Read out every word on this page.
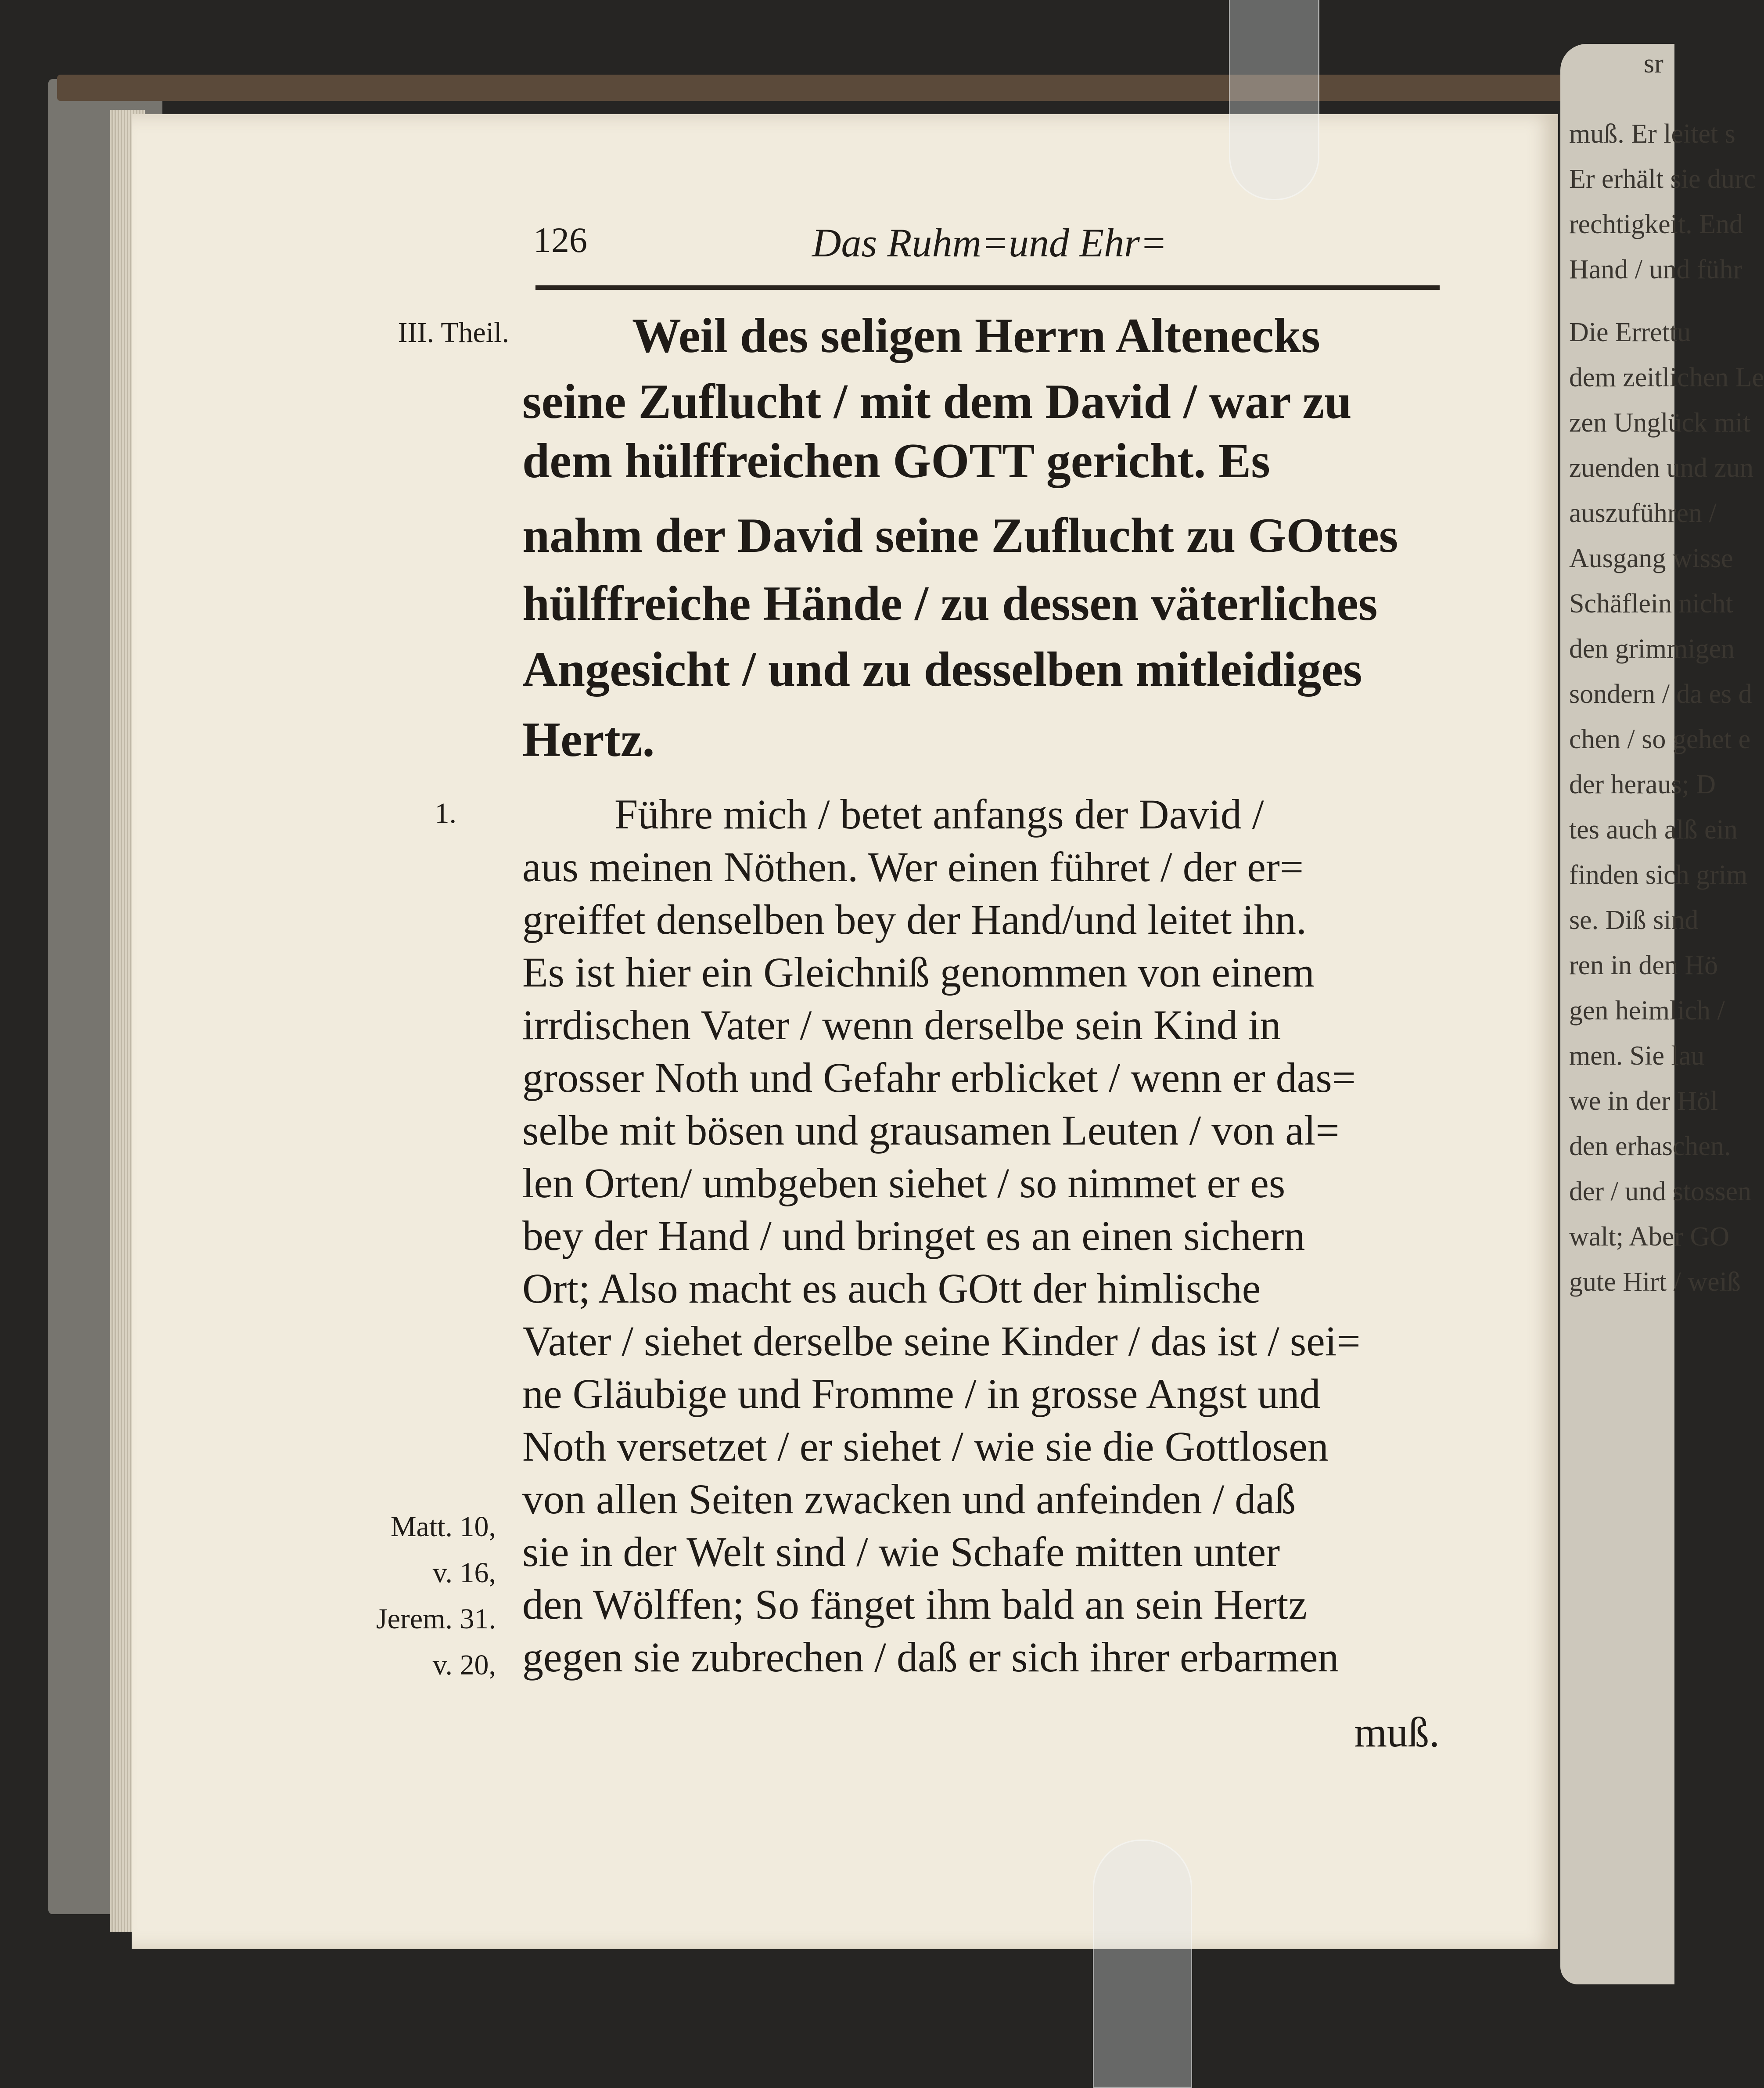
126	Das Ruhm=und Ehr=
III. Theil.
1.
Matt. 10,
v. 16,
Jerem. 31.
v. 20,
Weil des seligen Herrn Altenecks
seine Zuflucht / mit dem David / war zu
dem hülffreichen GOTT gericht. Es
nahm der David seine Zuflucht zu GOttes
hülffreiche Hände / zu dessen väterliches
Angesicht / und zu desselben mitleidiges
Hertz.
Führe mich / betet anfangs der David /
aus meinen Nöthen. Wer einen führet / der er=
greiffet denselben bey der Hand/und leitet ihn.
Es ist hier ein Gleichniß genommen von einem
irrdischen Vater / wenn derselbe sein Kind in
grosser Noth und Gefahr erblicket / wenn er das=
selbe mit bösen und grausamen Leuten / von al=
len Orten/ umbgeben siehet / so nimmet er es
bey der Hand / und bringet es an einen sichern
Ort; Also macht es auch GOtt der himlische
Vater / siehet derselbe seine Kinder / das ist / sei=
ne Gläubige und Fromme / in grosse Angst und
Noth versetzet / er siehet / wie sie die Gottlosen
von allen Seiten zwacken und anfeinden / daß
sie in der Welt sind / wie Schafe mitten unter
den Wölffen; So fänget ihm bald an sein Hertz
gegen sie zubrechen / daß er sich ihrer erbarmen
muß.
sr
muß. Er leitet s
Er erhält sie durc
rechtigkeit. End
Hand / und führ
Die Errettu
dem zeitlichen Le
zen Unglück mit
zuenden und zun
auszuführen /
Ausgang wisse
Schäflein nicht
den grimmigen
sondern / da es d
chen / so gehet e
der heraus; D
tes auch alß ein
finden sich grim
se. Diß sind
ren in den Hö
gen heimlich /
men. Sie lau
we in der Höl
den erhaschen.
der / und stossen
walt; Aber GO
gute Hirt / weiß
